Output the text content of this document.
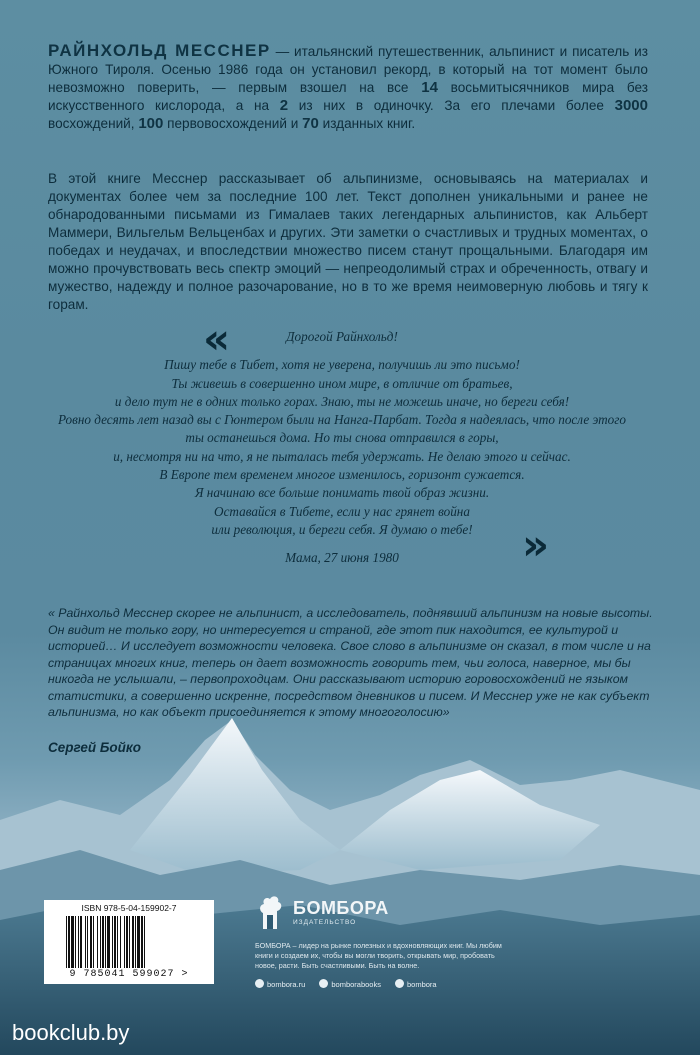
РАЙНХОЛЬД МЕССНЕР — итальянский путешественник, альпинист и писатель из Южного Тироля. Осенью 1986 года он установил рекорд, в который на тот момент было невозможно поверить, — первым взошел на все 14 восьмитысячников мира без искусственного кислорода, а на 2 из них в одиночку. За его плечами более 3000 восхождений, 100 первовосхождений и 70 изданных книг.
В этой книге Месснер рассказывает об альпинизме, основываясь на материалах и документах более чем за последние 100 лет. Текст дополнен уникальными и ранее не обнародованными письмами из Гималаев таких легендарных альпинистов, как Альберт Маммери, Вильгельм Вельценбах и других. Эти заметки о счастливых и трудных моментах, о победах и неудачах, и впоследствии множество писем станут прощальными. Благодаря им можно прочувствовать весь спектр эмоций — непреодолимый страх и обреченность, отвагу и мужество, надежду и полное разочарование, но в то же время неимоверную любовь и тягу к горам.
«
»
Дорогой Райнхольд!
Пишу тебе в Тибет, хотя не уверена, получишь ли это письмо!
Ты живешь в совершенно ином мире, в отличие от братьев,
и дело тут не в одних только горах. Знаю, ты не можешь иначе, но береги себя!
Ровно десять лет назад вы с Гюнтером были на Нанга-Парбат. Тогда я надеялась, что после этого ты останешься дома. Но ты снова отправился в горы,
и, несмотря ни на что, я не пыталась тебя удержать. Не делаю этого и сейчас.
В Европе тем временем многое изменилось, горизонт сужается.
Я начинаю все больше понимать твой образ жизни.
Оставайся в Тибете, если у нас грянет война
или революция, и береги себя. Я думаю о тебе!
Мама, 27 июня 1980
« Райнхольд Месснер скорее не альпинист, а исследователь, поднявший альпинизм на новые высоты. Он видит не только гору, но интересуется и страной, где этот пик находится, ее культурой и историей… И исследует возможности человека. Свое слово в альпинизме он сказал, в том числе и на страницах многих книг, теперь он дает возможность говорить тем, чьи голоса, наверное, мы бы никогда не услышали, – первопроходцам. Они рассказывают историю горовосхождений не языком статистики, а совершенно искренне, посредством дневников и писем. И Месснер уже не как субъект альпинизма, но как объект присоединяется к этому многоголосию»
Сергей Бойко
ISBN 978-5-04-159902-7
9 785041 599027 >
БОМБОРА
ИЗДАТЕЛЬСТВО
БОМБОРА – лидер на рынке полезных и вдохновляющих книг. Мы любим книги и создаем их, чтобы вы могли творить, открывать мир, пробовать новое, расти. Быть счастливыми. Быть на волне.
bombora.ru	bomborabooks	bombora
bookclub.by
